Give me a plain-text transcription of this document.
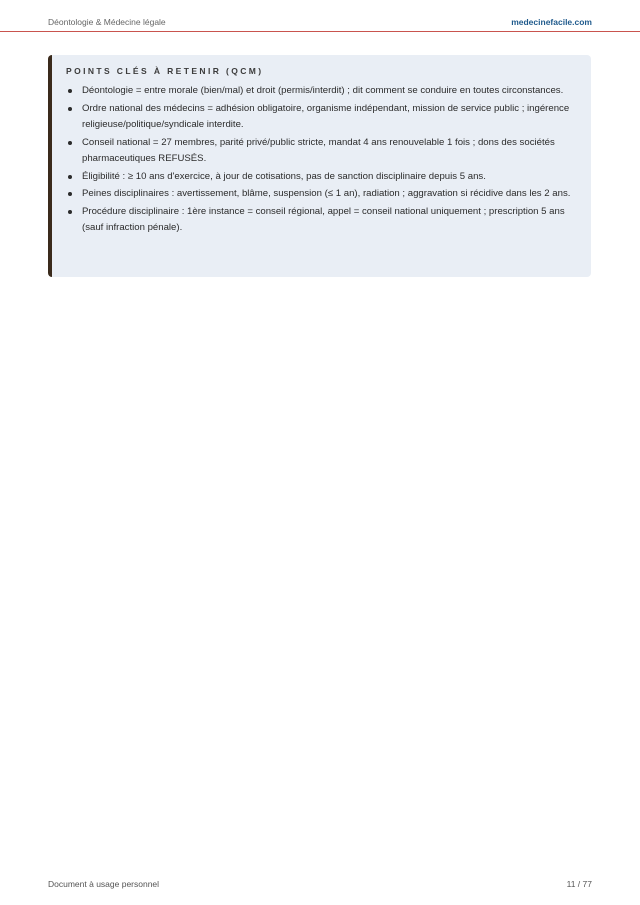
Déontologie & Médecine légale	medecinefacile.com
POINTS CLÉS À RETENIR (QCM)
Déontologie = entre morale (bien/mal) et droit (permis/interdit) ; dit comment se conduire en toutes circonstances.
Ordre national des médecins = adhésion obligatoire, organisme indépendant, mission de service public ; ingérence religieuse/politique/syndicale interdite.
Conseil national = 27 membres, parité privé/public stricte, mandat 4 ans renouvelable 1 fois ; dons des sociétés pharmaceutiques REFUSÉS.
Éligibilité : ≥ 10 ans d'exercice, à jour de cotisations, pas de sanction disciplinaire depuis 5 ans.
Peines disciplinaires : avertissement, blâme, suspension (≤ 1 an), radiation ; aggravation si récidive dans les 2 ans.
Procédure disciplinaire : 1ère instance = conseil régional, appel = conseil national uniquement ; prescription 5 ans (sauf infraction pénale).
Document à usage personnel	11 / 77
